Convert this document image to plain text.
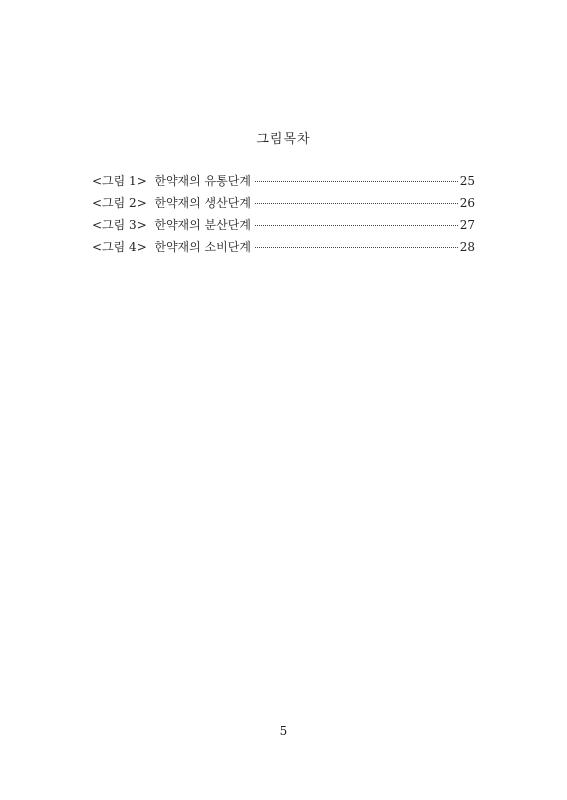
그림목차
<그림 1>  한약재의 유통단계	25
<그림 2>  한약재의 생산단계	26
<그림 3>  한약재의 분산단계	27
<그림 4>  한약재의 소비단계	28
5
